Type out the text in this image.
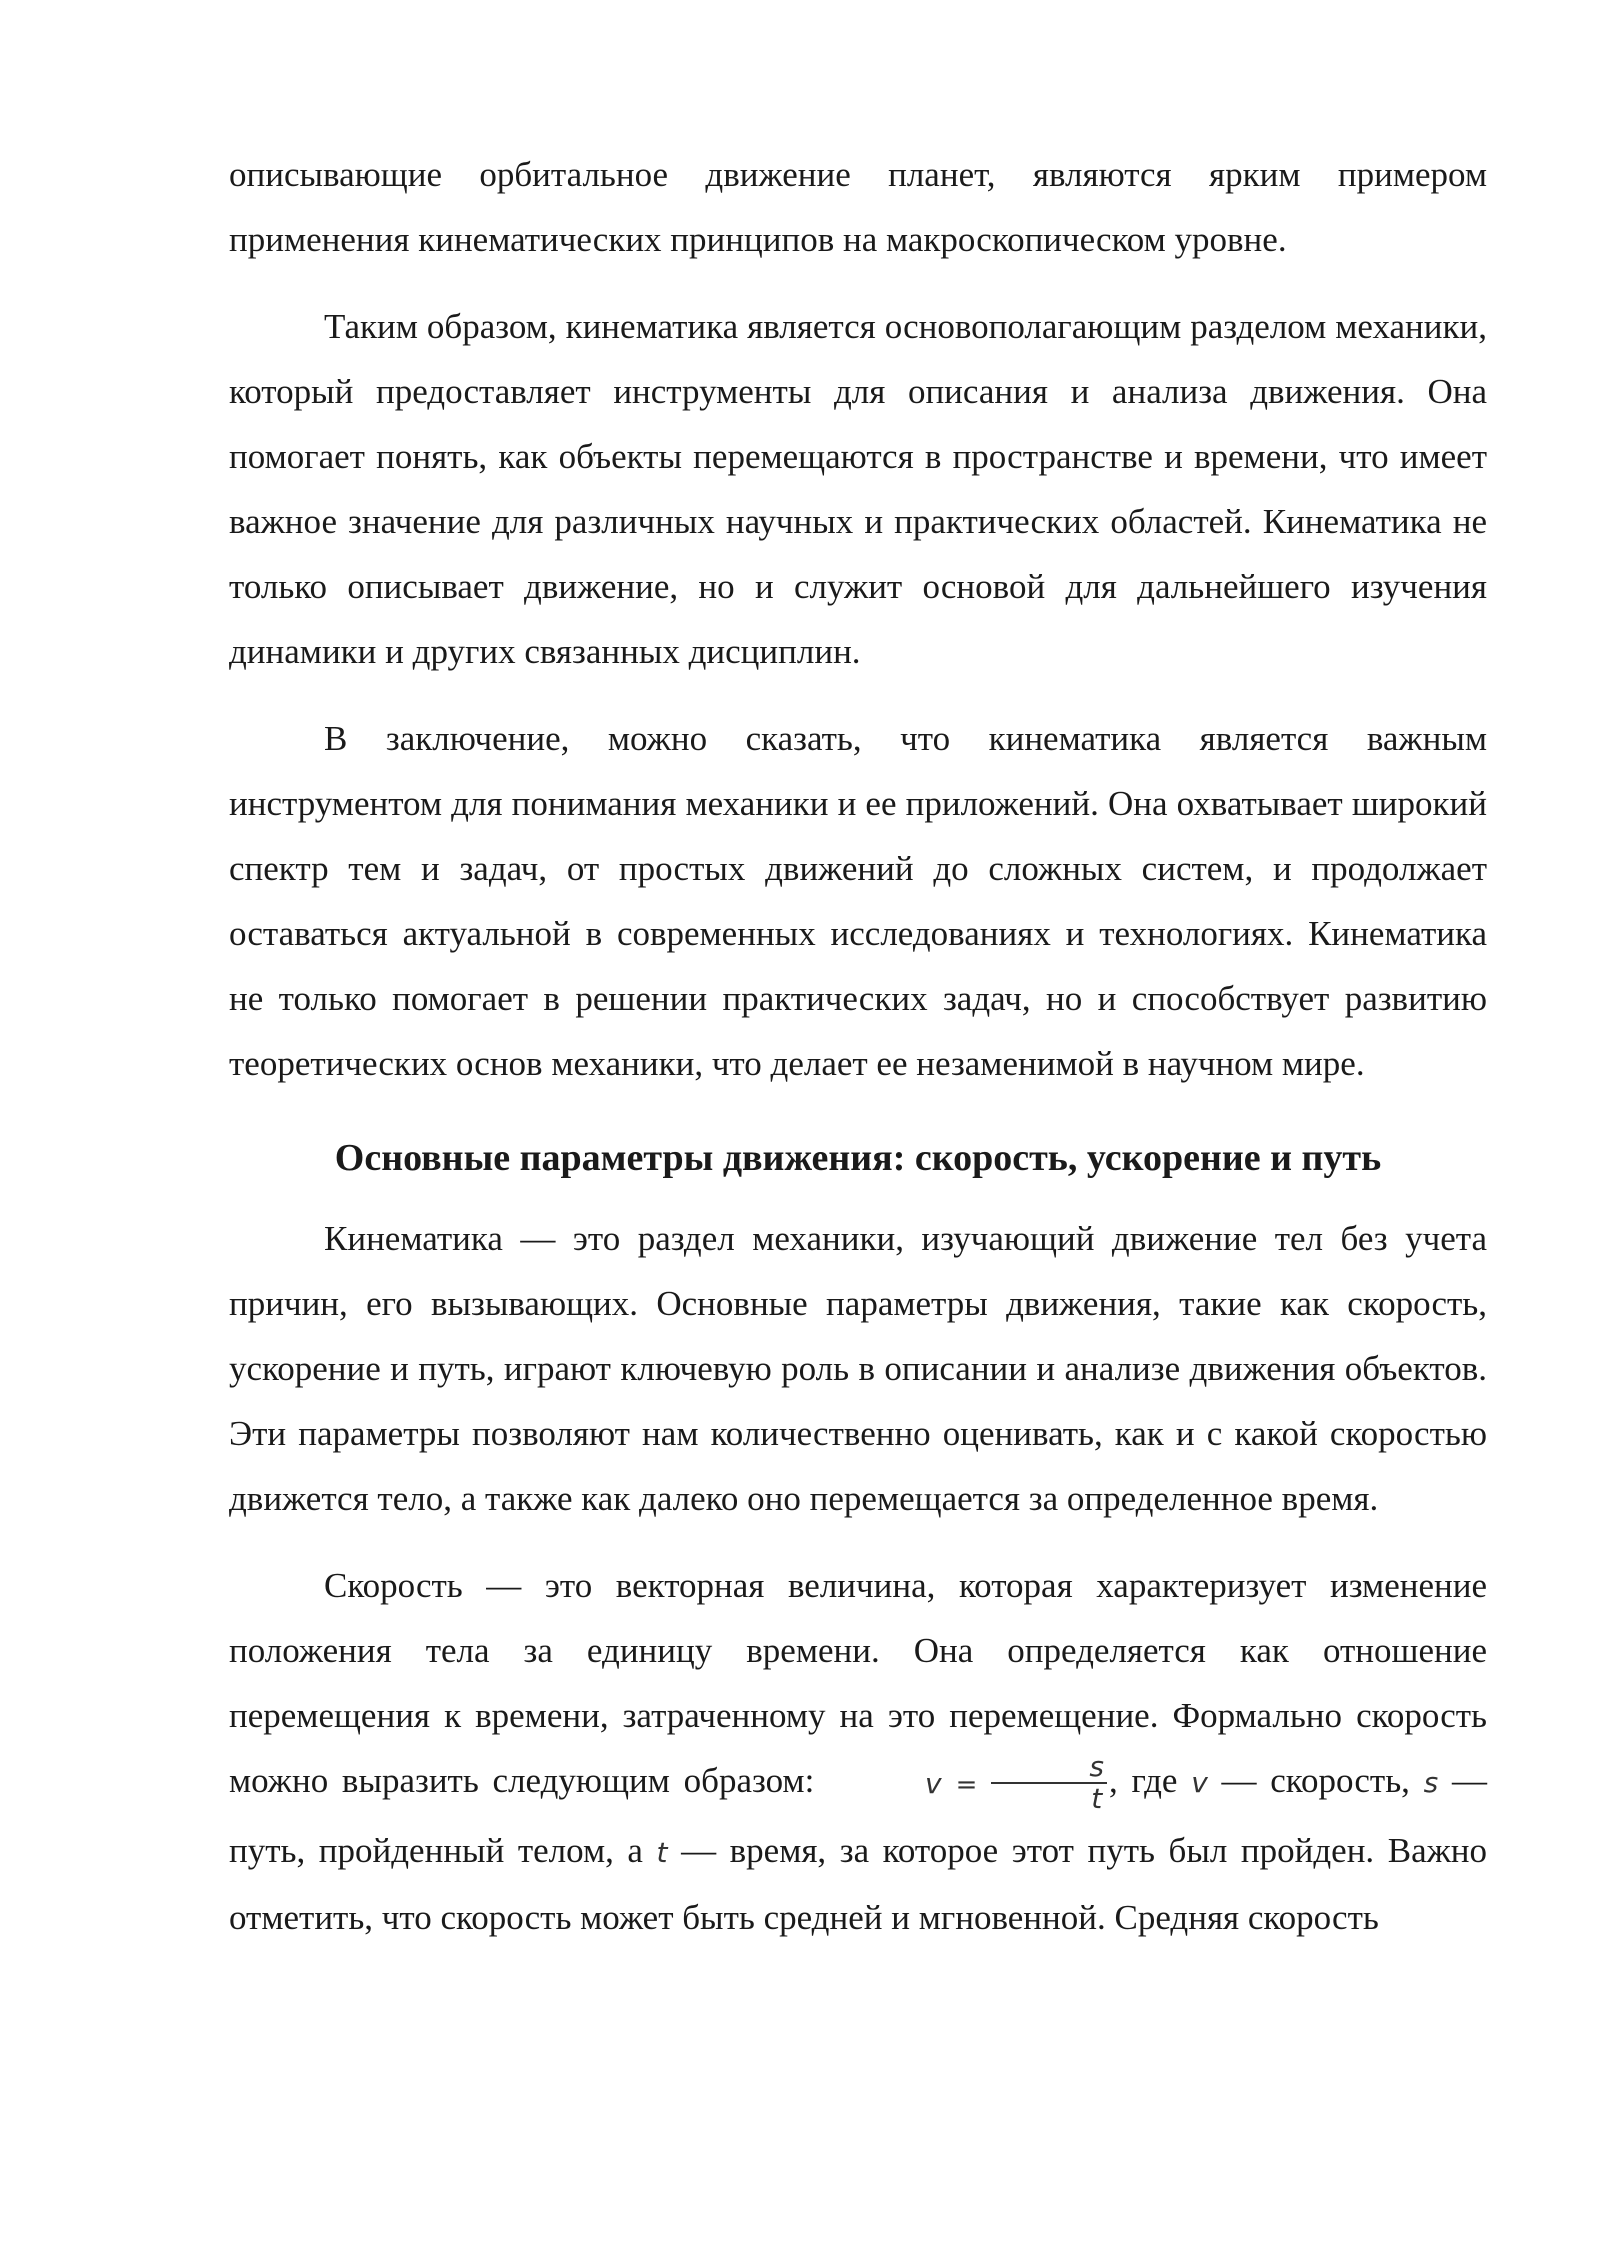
описывающие орбитальное движение планет, являются ярким примером применения кинематических принципов на макроскопическом уровне.

Таким образом, кинематика является основополагающим разделом механики, который предоставляет инструменты для описания и анализа движения. Она помогает понять, как объекты перемещаются в пространстве и времени, что имеет важное значение для различных научных и практических областей. Кинематика не только описывает движение, но и служит основой для дальнейшего изучения динамики и других связанных дисциплин.

В заключение, можно сказать, что кинематика является важным инструментом для понимания механики и ее приложений. Она охватывает широкий спектр тем и задач, от простых движений до сложных систем, и продолжает оставаться актуальной в современных исследованиях и технологиях. Кинематика не только помогает в решении практических задач, но и способствует развитию теоретических основ механики, что делает ее незаменимой в научном мире.

Основные параметры движения: скорость, ускорение и путь

Кинематика — это раздел механики, изучающий движение тел без учета причин, его вызывающих. Основные параметры движения, такие как скорость, ускорение и путь, играют ключевую роль в описании и анализе движения объектов. Эти параметры позволяют нам количественно оценивать, как и с какой скоростью движется тело, а также как далеко оно перемещается за определенное время.

Скорость — это векторная величина, которая характеризует изменение положения тела за единицу времени. Она определяется как отношение перемещения к времени, затраченному на это перемещение. Формально скорость можно выразить следующим образом:	$v = \frac{s}{t}$ , где v — скорость, s — путь, пройденный телом, а t — время, за которое этот путь был пройден. Важно отметить, что скорость может быть средней и мгновенной. Средняя скорость
